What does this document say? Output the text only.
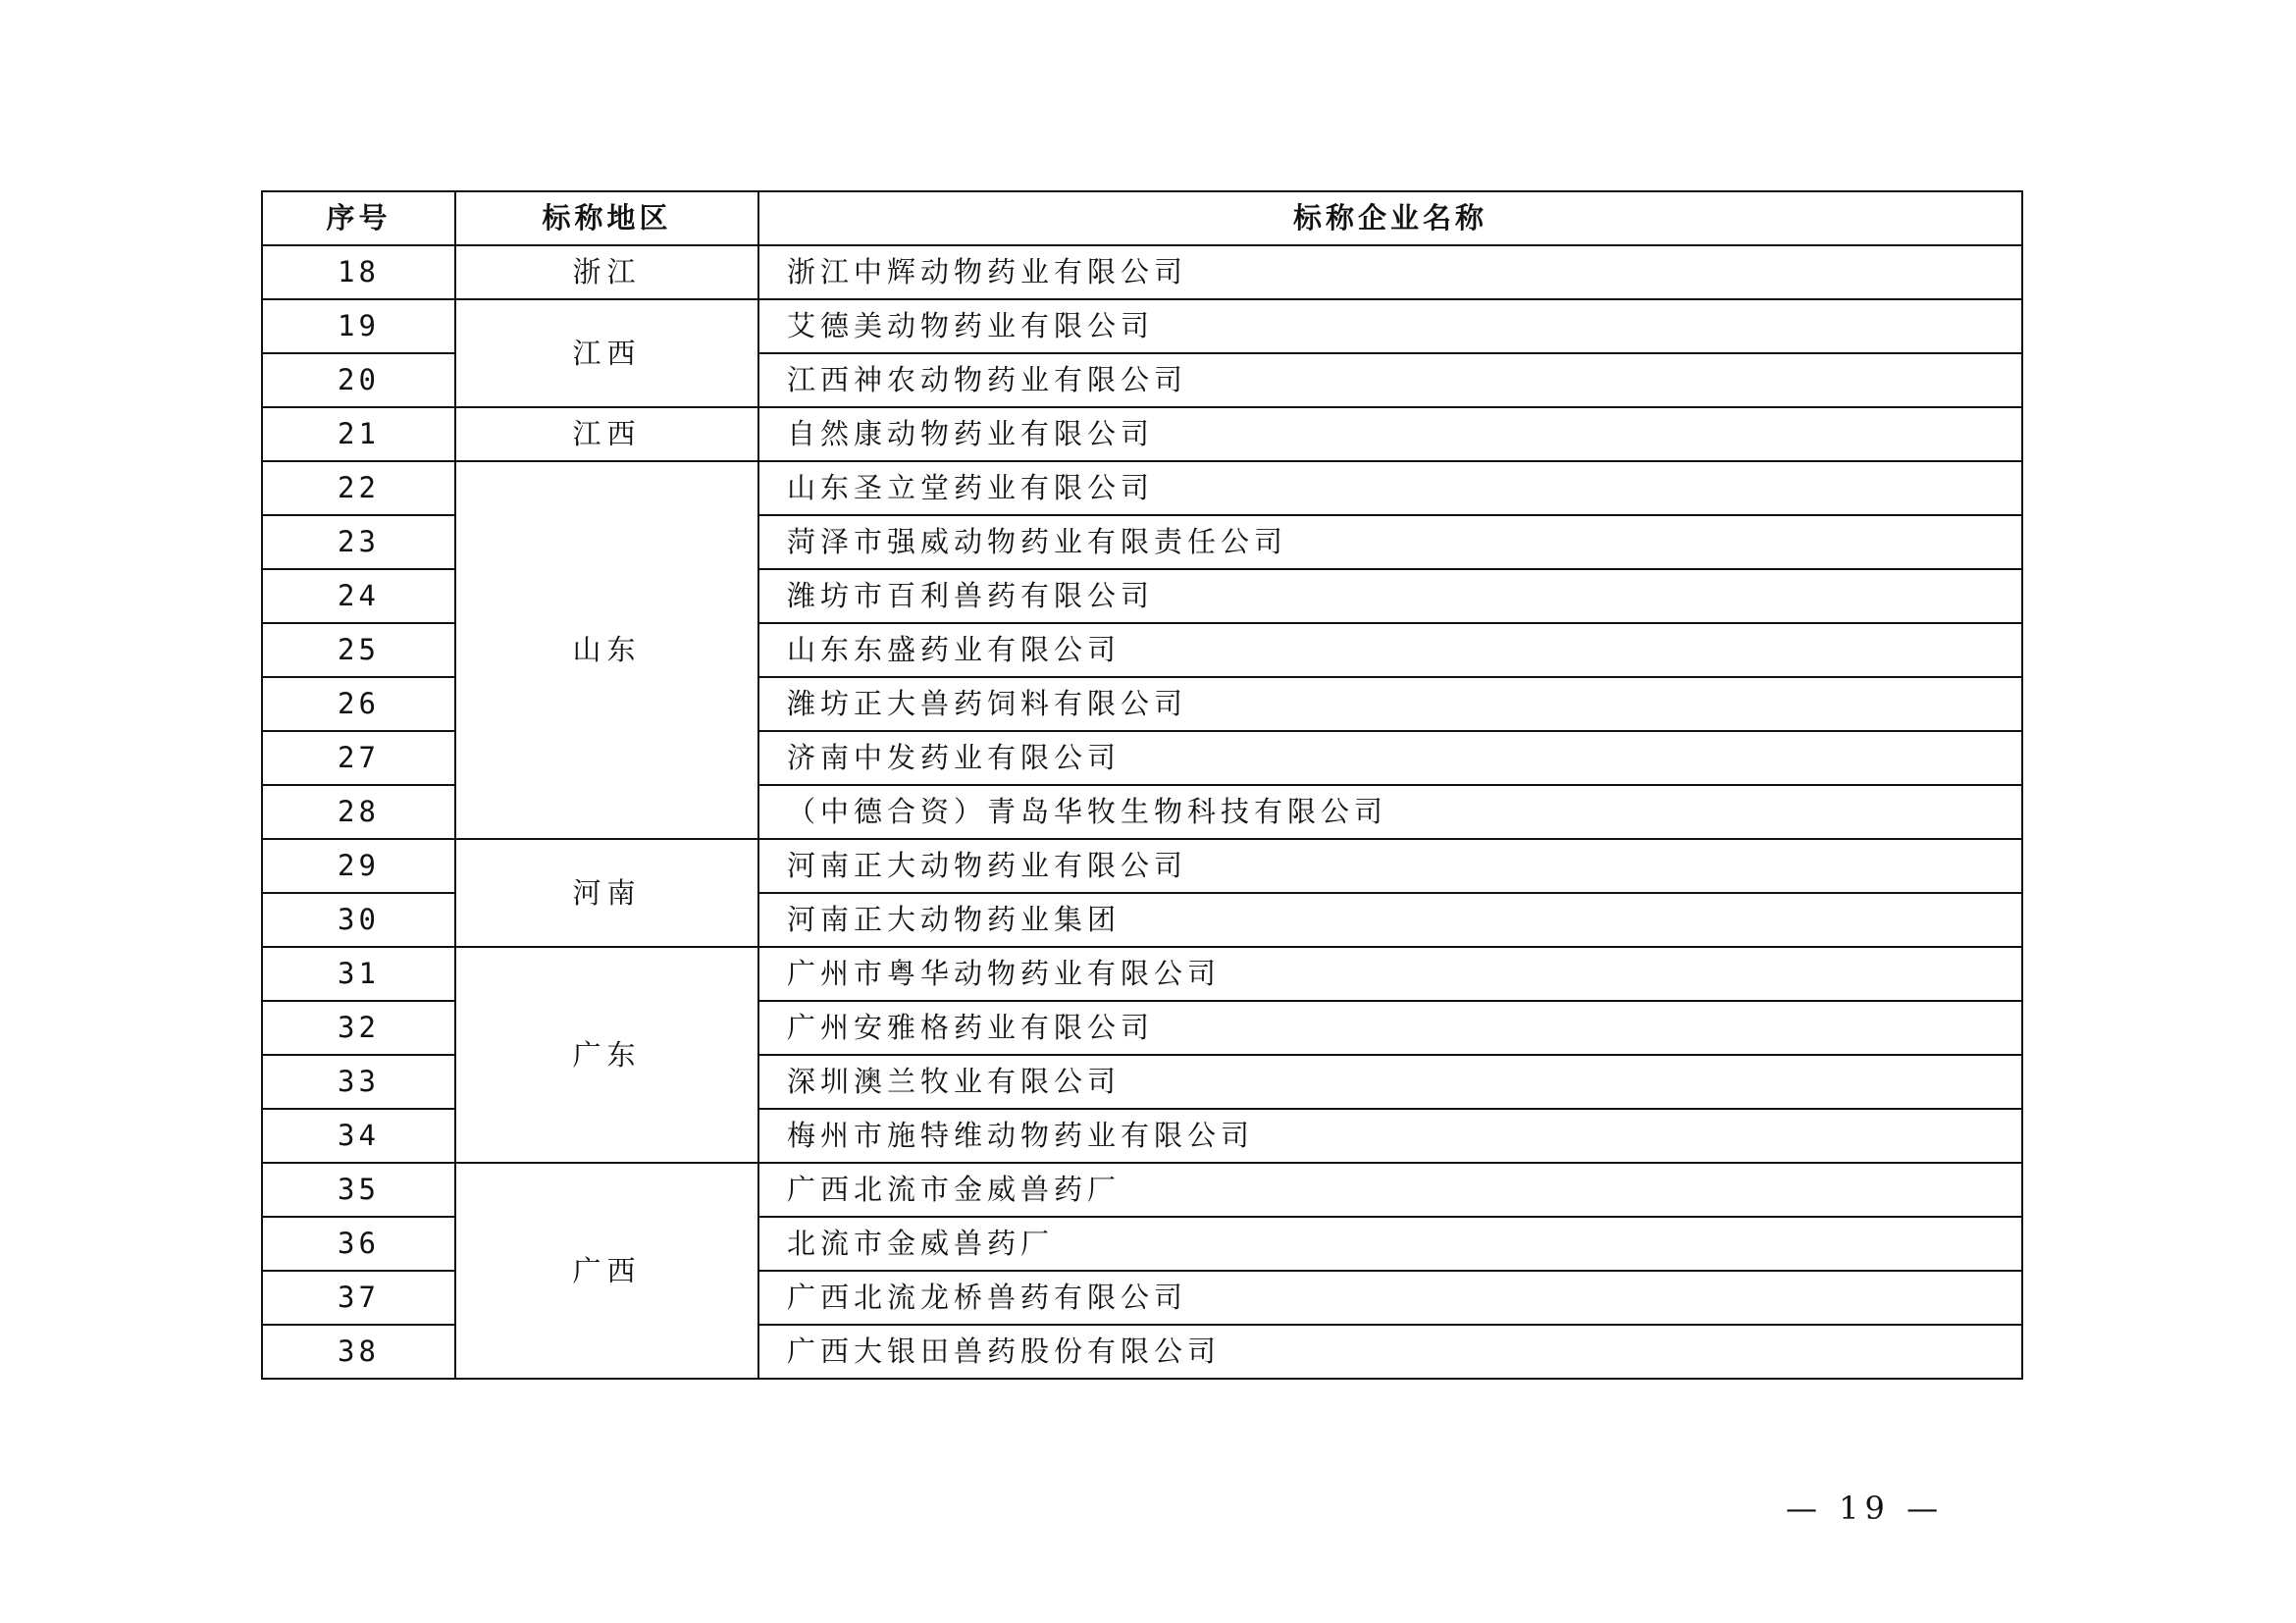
序号	标称地区	标称企业名称
18	浙江	浙江中辉动物药业有限公司
19	江西	艾德美动物药业有限公司
20		江西神农动物药业有限公司
21	江西	自然康动物药业有限公司
22	山东	山东圣立堂药业有限公司
23		菏泽市强威动物药业有限责任公司
24		潍坊市百利兽药有限公司
25		山东东盛药业有限公司
26		潍坊正大兽药饲料有限公司
27		济南中发药业有限公司
28		（中德合资）青岛华牧生物科技有限公司
29	河南	河南正大动物药业有限公司
30		河南正大动物药业集团
31	广东	广州市粤华动物药业有限公司
32		广州安雅格药业有限公司
33		深圳澳兰牧业有限公司
34		梅州市施特维动物药业有限公司
35	广西	广西北流市金威兽药厂
36		北流市金威兽药厂
37		广西北流龙桥兽药有限公司
38		广西大银田兽药股份有限公司
— 19 —
